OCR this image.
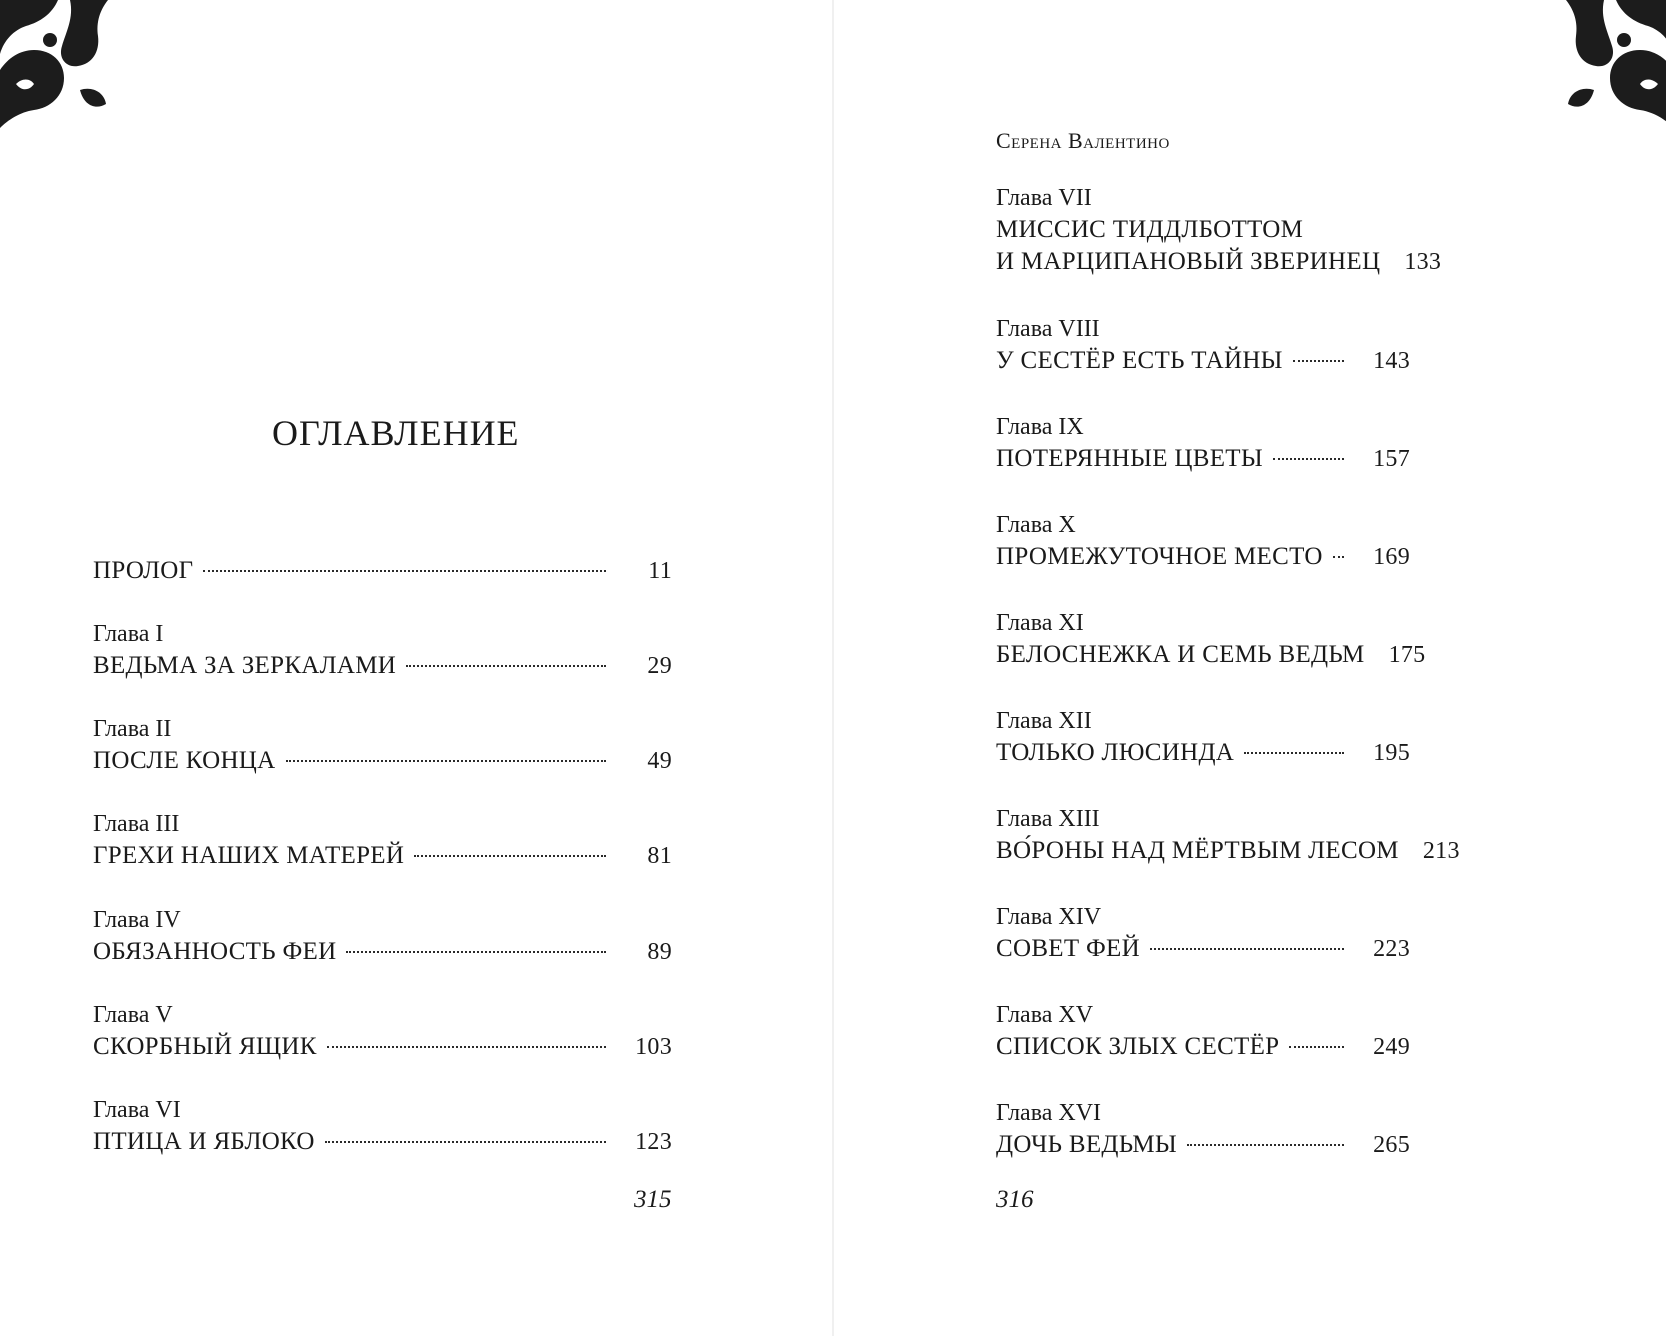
ОГЛАВЛЕНИЕ
ПРОЛОГ	11
Глава I
ВЕДЬМА ЗА ЗЕРКАЛАМИ	29
Глава II
ПОСЛЕ КОНЦА	49
Глава III
ГРЕХИ НАШИХ МАТЕРЕЙ	81
Глава IV
ОБЯЗАННОСТЬ ФЕИ	89
Глава V
СКОРБНЫЙ ЯЩИК	103
Глава VI
ПТИЦА И ЯБЛОКО	123
315
Серена Валентино
Глава VII
МИССИС ТИДДЛБОТТОМ
И МАРЦИПАНОВЫЙ ЗВЕРИНЕЦ 133
Глава VIII
У СЕСТЁР ЕСТЬ ТАЙНЫ	143
Глава IX
ПОТЕРЯННЫЕ ЦВЕТЫ	157
Глава X
ПРОМЕЖУТОЧНОЕ МЕСТО	169
Глава XI
БЕЛОСНЕЖКА И СЕМЬ ВЕДЬМ 175
Глава XII
ТОЛЬКО ЛЮСИНДА	195
Глава XIII
ВО́РОНЫ НАД МЁРТВЫМ ЛЕСОМ 213
Глава XIV
СОВЕТ ФЕЙ	223
Глава XV
СПИСОК ЗЛЫХ СЕСТЁР	249
Глава XVI
ДОЧЬ ВЕДЬМЫ	265
316
